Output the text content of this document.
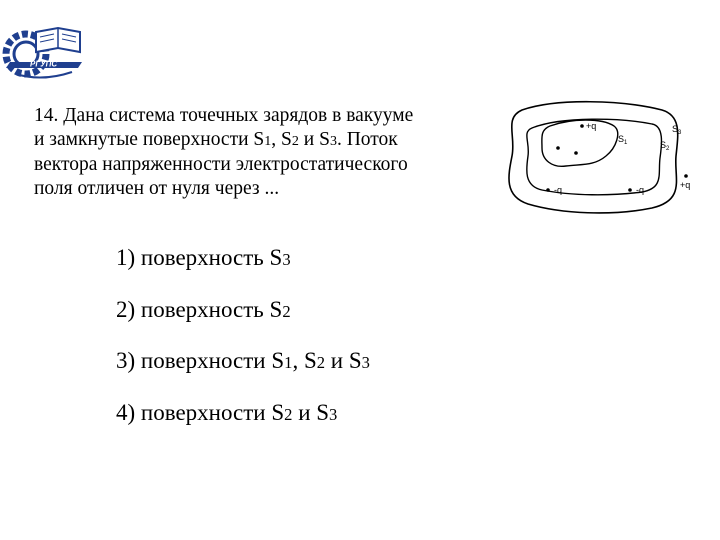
РГУПС

14. Дана система точечных зарядов в вакууме
и замкнутые поверхности S1, S2 и S3. Поток
вектора напряженности электростатического
поля отличен от нуля через ...

+q
$S_1$	$S_2$
$S_3$
-q	-q	+q

1) поверхность S3

2) поверхность S2

3) поверхности S1, S2 и S3

4) поверхности S2 и S3
